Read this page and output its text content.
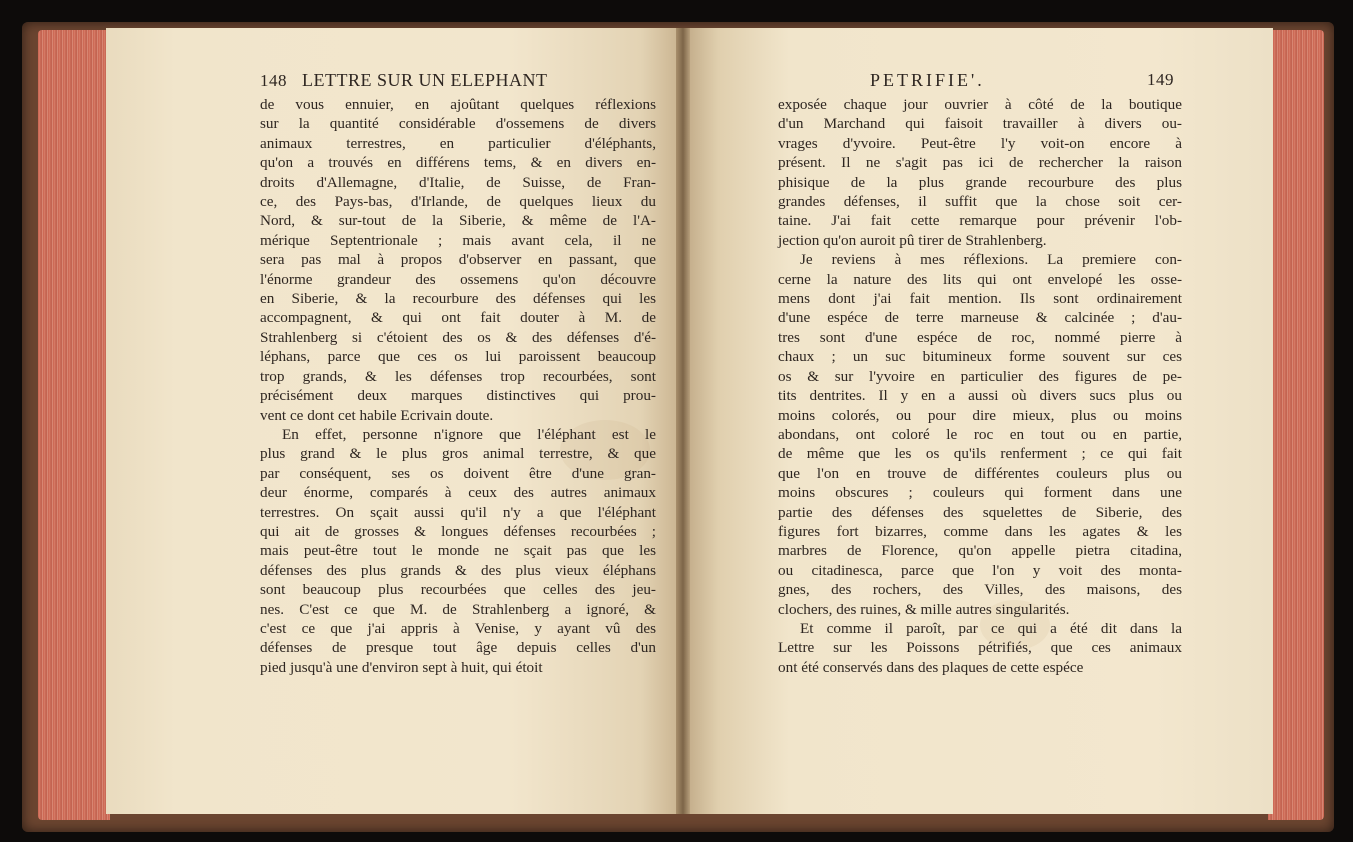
148 LETTRE SUR UN ELEPHANT	PETRIFIE'.	149
de vous ennuier, en ajoûtant quelques réflexions
sur la quantité considérable d'ossemens de divers
animaux terrestres, en particulier d'éléphants,
qu'on a trouvés en différens tems, & en divers en-
droits d'Allemagne, d'Italie, de Suisse, de Fran-
ce, des Pays-bas, d'Irlande, de quelques lieux du
Nord, & sur-tout de la Siberie, & même de l'A-
mérique Septentrionale ; mais avant cela, il ne
sera pas mal à propos d'observer en passant, que
l'énorme grandeur des ossemens qu'on découvre
en Siberie, & la recourbure des défenses qui les
accompagnent, & qui ont fait douter à M. de
Strahlenberg si c'étoient des os & des défenses d'é-
léphans, parce que ces os lui paroissent beaucoup
trop grands, & les défenses trop recourbées, sont
précisément deux marques distinctives qui prou-
vent ce dont cet habile Ecrivain doute.
En effet, personne n'ignore que l'éléphant est le
plus grand & le plus gros animal terrestre, & que
par conséquent, ses os doivent être d'une gran-
deur énorme, comparés à ceux des autres animaux
terrestres. On sçait aussi qu'il n'y a que l'éléphant
qui ait de grosses & longues défenses recourbées ;
mais peut-être tout le monde ne sçait pas que les
défenses des plus grands & des plus vieux éléphans
sont beaucoup plus recourbées que celles des jeu-
nes. C'est ce que M. de Strahlenberg a ignoré, &
c'est ce que j'ai appris à Venise, y ayant vû des
défenses de presque tout âge depuis celles d'un
pied jusqu'à une d'environ sept à huit, qui étoit
exposée chaque jour ouvrier à côté de la boutique
d'un Marchand qui faisoit travailler à divers ou-
vrages d'yvoire. Peut-être l'y voit-on encore à
présent. Il ne s'agit pas ici de rechercher la raison
phisique de la plus grande recourbure des plus
grandes défenses, il suffit que la chose soit cer-
taine. J'ai fait cette remarque pour prévenir l'ob-
jection qu'on auroit pû tirer de Strahlenberg.
Je reviens à mes réflexions. La premiere con-
cerne la nature des lits qui ont envelopé les osse-
mens dont j'ai fait mention. Ils sont ordinairement
d'une espéce de terre marneuse & calcinée ; d'au-
tres sont d'une espéce de roc, nommé pierre à
chaux ; un suc bitumineux forme souvent sur ces
os & sur l'yvoire en particulier des figures de pe-
tits dentrites. Il y en a aussi où divers sucs plus ou
moins colorés, ou pour dire mieux, plus ou moins
abondans, ont coloré le roc en tout ou en partie,
de même que les os qu'ils renferment ; ce qui fait
que l'on en trouve de différentes couleurs plus ou
moins obscures ; couleurs qui forment dans une
partie des défenses des squelettes de Siberie, des
figures fort bizarres, comme dans les agates & les
marbres de Florence, qu'on appelle pietra citadina,
ou citadinesca, parce que l'on y voit des monta-
gnes, des rochers, des Villes, des maisons, des
clochers, des ruines, & mille autres singularités.
Et comme il paroît, par ce qui a été dit dans la
Lettre sur les Poissons pétrifiés, que ces animaux
ont été conservés dans des plaques de cette espéce
